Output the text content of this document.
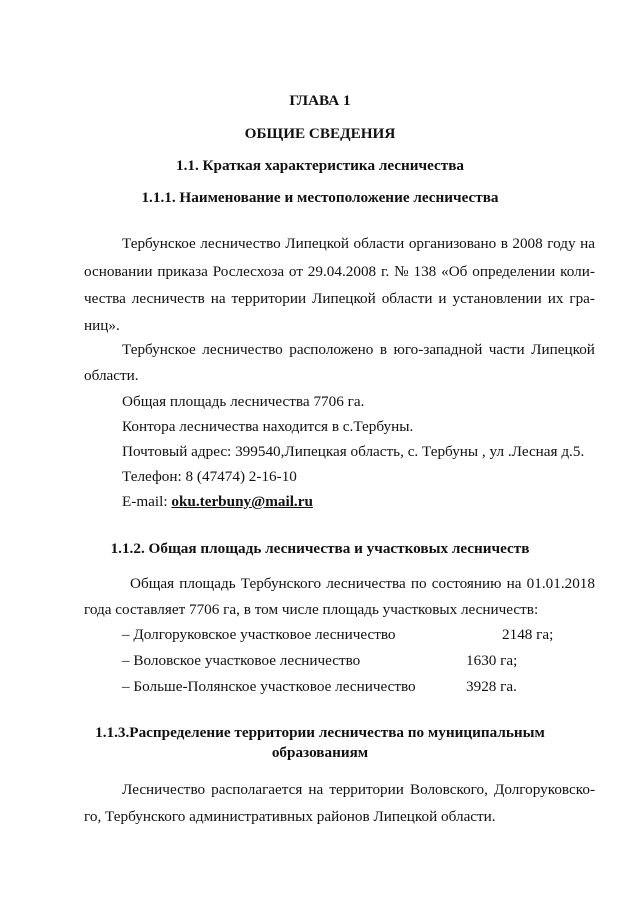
ГЛАВА 1
ОБЩИЕ СВЕДЕНИЯ
1.1. Краткая характеристика лесничества
1.1.1. Наименование и местоположение лесничества
Тербунское лесничество Липецкой области организовано в 2008 году на
основании приказа Рослесхоза от 29.04.2008 г. № 138 «Об определении коли-
чества лесничеств на территории Липецкой области и установлении их гра-
ниц».
Тербунское лесничество расположено в юго-западной части Липецкой
области.
Общая площадь лесничества 7706 га.
Контора лесничества находится в с.Тербуны.
Почтовый адрес: 399540,Липецкая область, с. Тербуны , ул .Лесная д.5.
Телефон: 8 (47474) 2-16-10
E-mail: oku.terbuny@mail.ru
1.1.2. Общая площадь лесничества и участковых лесничеств
Общая площадь Тербунского лесничества по состоянию на 01.01.2018
года составляет 7706 га, в том числе площадь участковых лесничеств:
– Долгоруковское участковое лесничество	2148 га;
– Воловское участковое лесничество	1630 га;
– Больше-Полянское участковое лесничество	3928 га.
1.1.3.Распределение территории лесничества по муниципальным
образованиям
Лесничество располагается на территории Воловского, Долгоруковско-
го, Тербунского административных районов Липецкой области.
